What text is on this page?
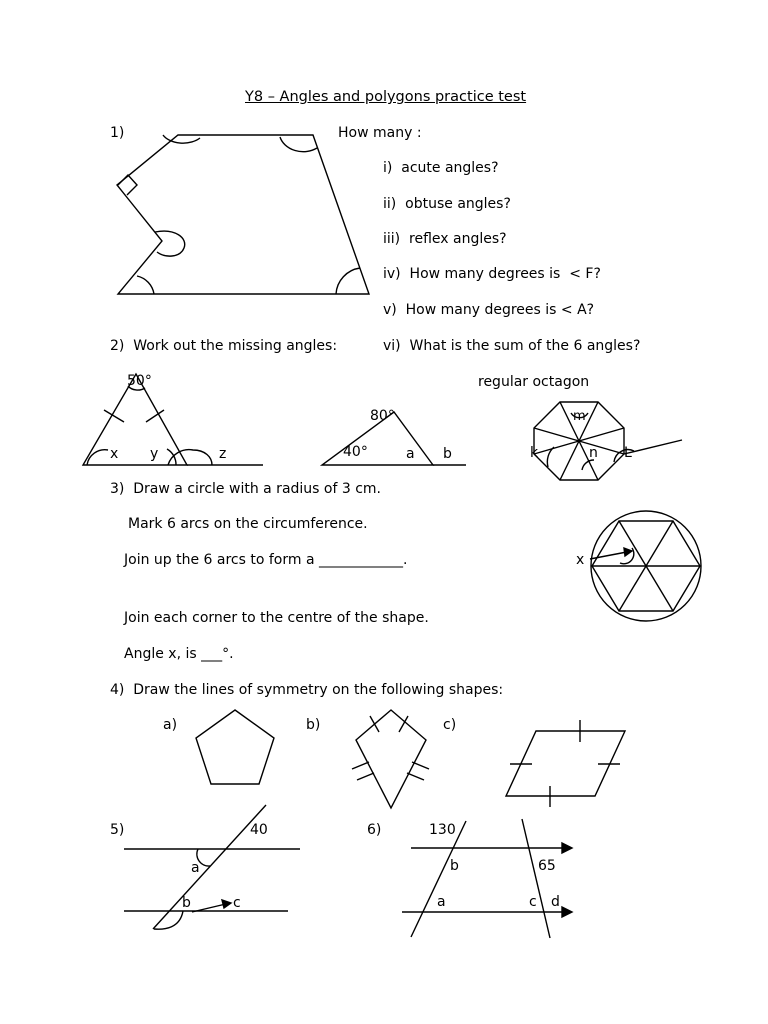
Y8 – Angles and polygons practice test
1)	How many :
i)  acute angles?
ii)  obtuse angles?
iii)  reflex angles?
iv)  How many degrees is  < F?
v)  How many degrees is < A?
vi)  What is the sum of the 6 angles?
2)  Work out the missing angles:
50°
x y	z
80°
40°	a b
regular octagon
m
k	n L
3)  Draw a circle with a radius of 3 cm.
Mark 6 arcs on the circumference.
Join up the 6 arcs to form a ____________.
Join each corner to the centre of the shape.
Angle x, is ___°.
x
4)  Draw the lines of symmetry on the following shapes:
a)	b)	c)
5)	40
a
b	c
6)	130
b	65
a	c d
